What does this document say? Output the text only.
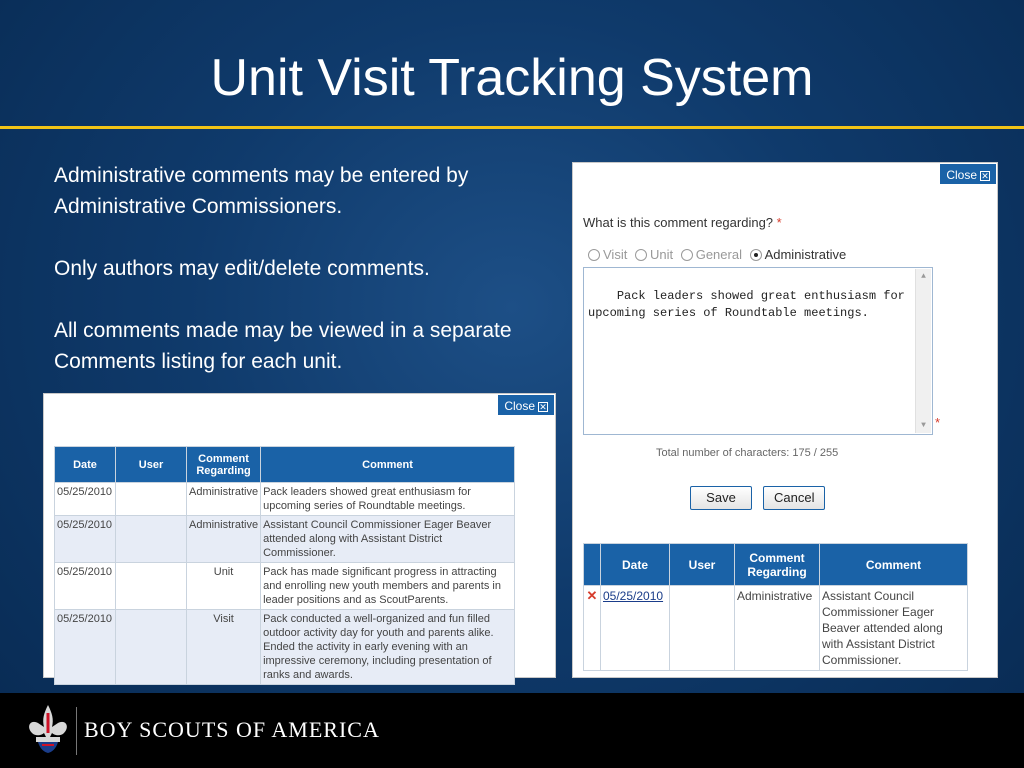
Unit Visit Tracking System

Administrative comments may be entered by Administrative Commissioners.

Only authors may edit/delete comments.

All comments made may be viewed in a separate Comments listing for each unit.

Close ✕
Date	User	Comment Regarding	Comment
05/25/2010		Administrative	Pack leaders showed great enthusiasm for upcoming series of Roundtable meetings.
05/25/2010		Administrative	Assistant Council Commissioner Eager Beaver attended along with Assistant District Commissioner.
05/25/2010		Unit	Pack has made significant progress in attracting and enrolling new youth members and parents in leader positions and as ScoutParents.
05/25/2010		Visit	Pack conducted a well-organized and fun filled outdoor activity day for youth and parents alike. Ended the activity in early evening with an impressive ceremony, including presentation of ranks and awards.
Close ✕
What is this comment regarding? *
Visit
Unit
General
Administrative

Pack leaders showed great enthusiasm for upcoming series of Roundtable meetings.

▲

▼

*
Total number of characters: 175 / 255
Save	Cancel
	Date	User	Comment Regarding	Comment
✕	05/25/2010		Administrative	Assistant Council Commissioner Eager Beaver attended along with Assistant District Commissioner.
BOY SCOUTS OF AMERICA
